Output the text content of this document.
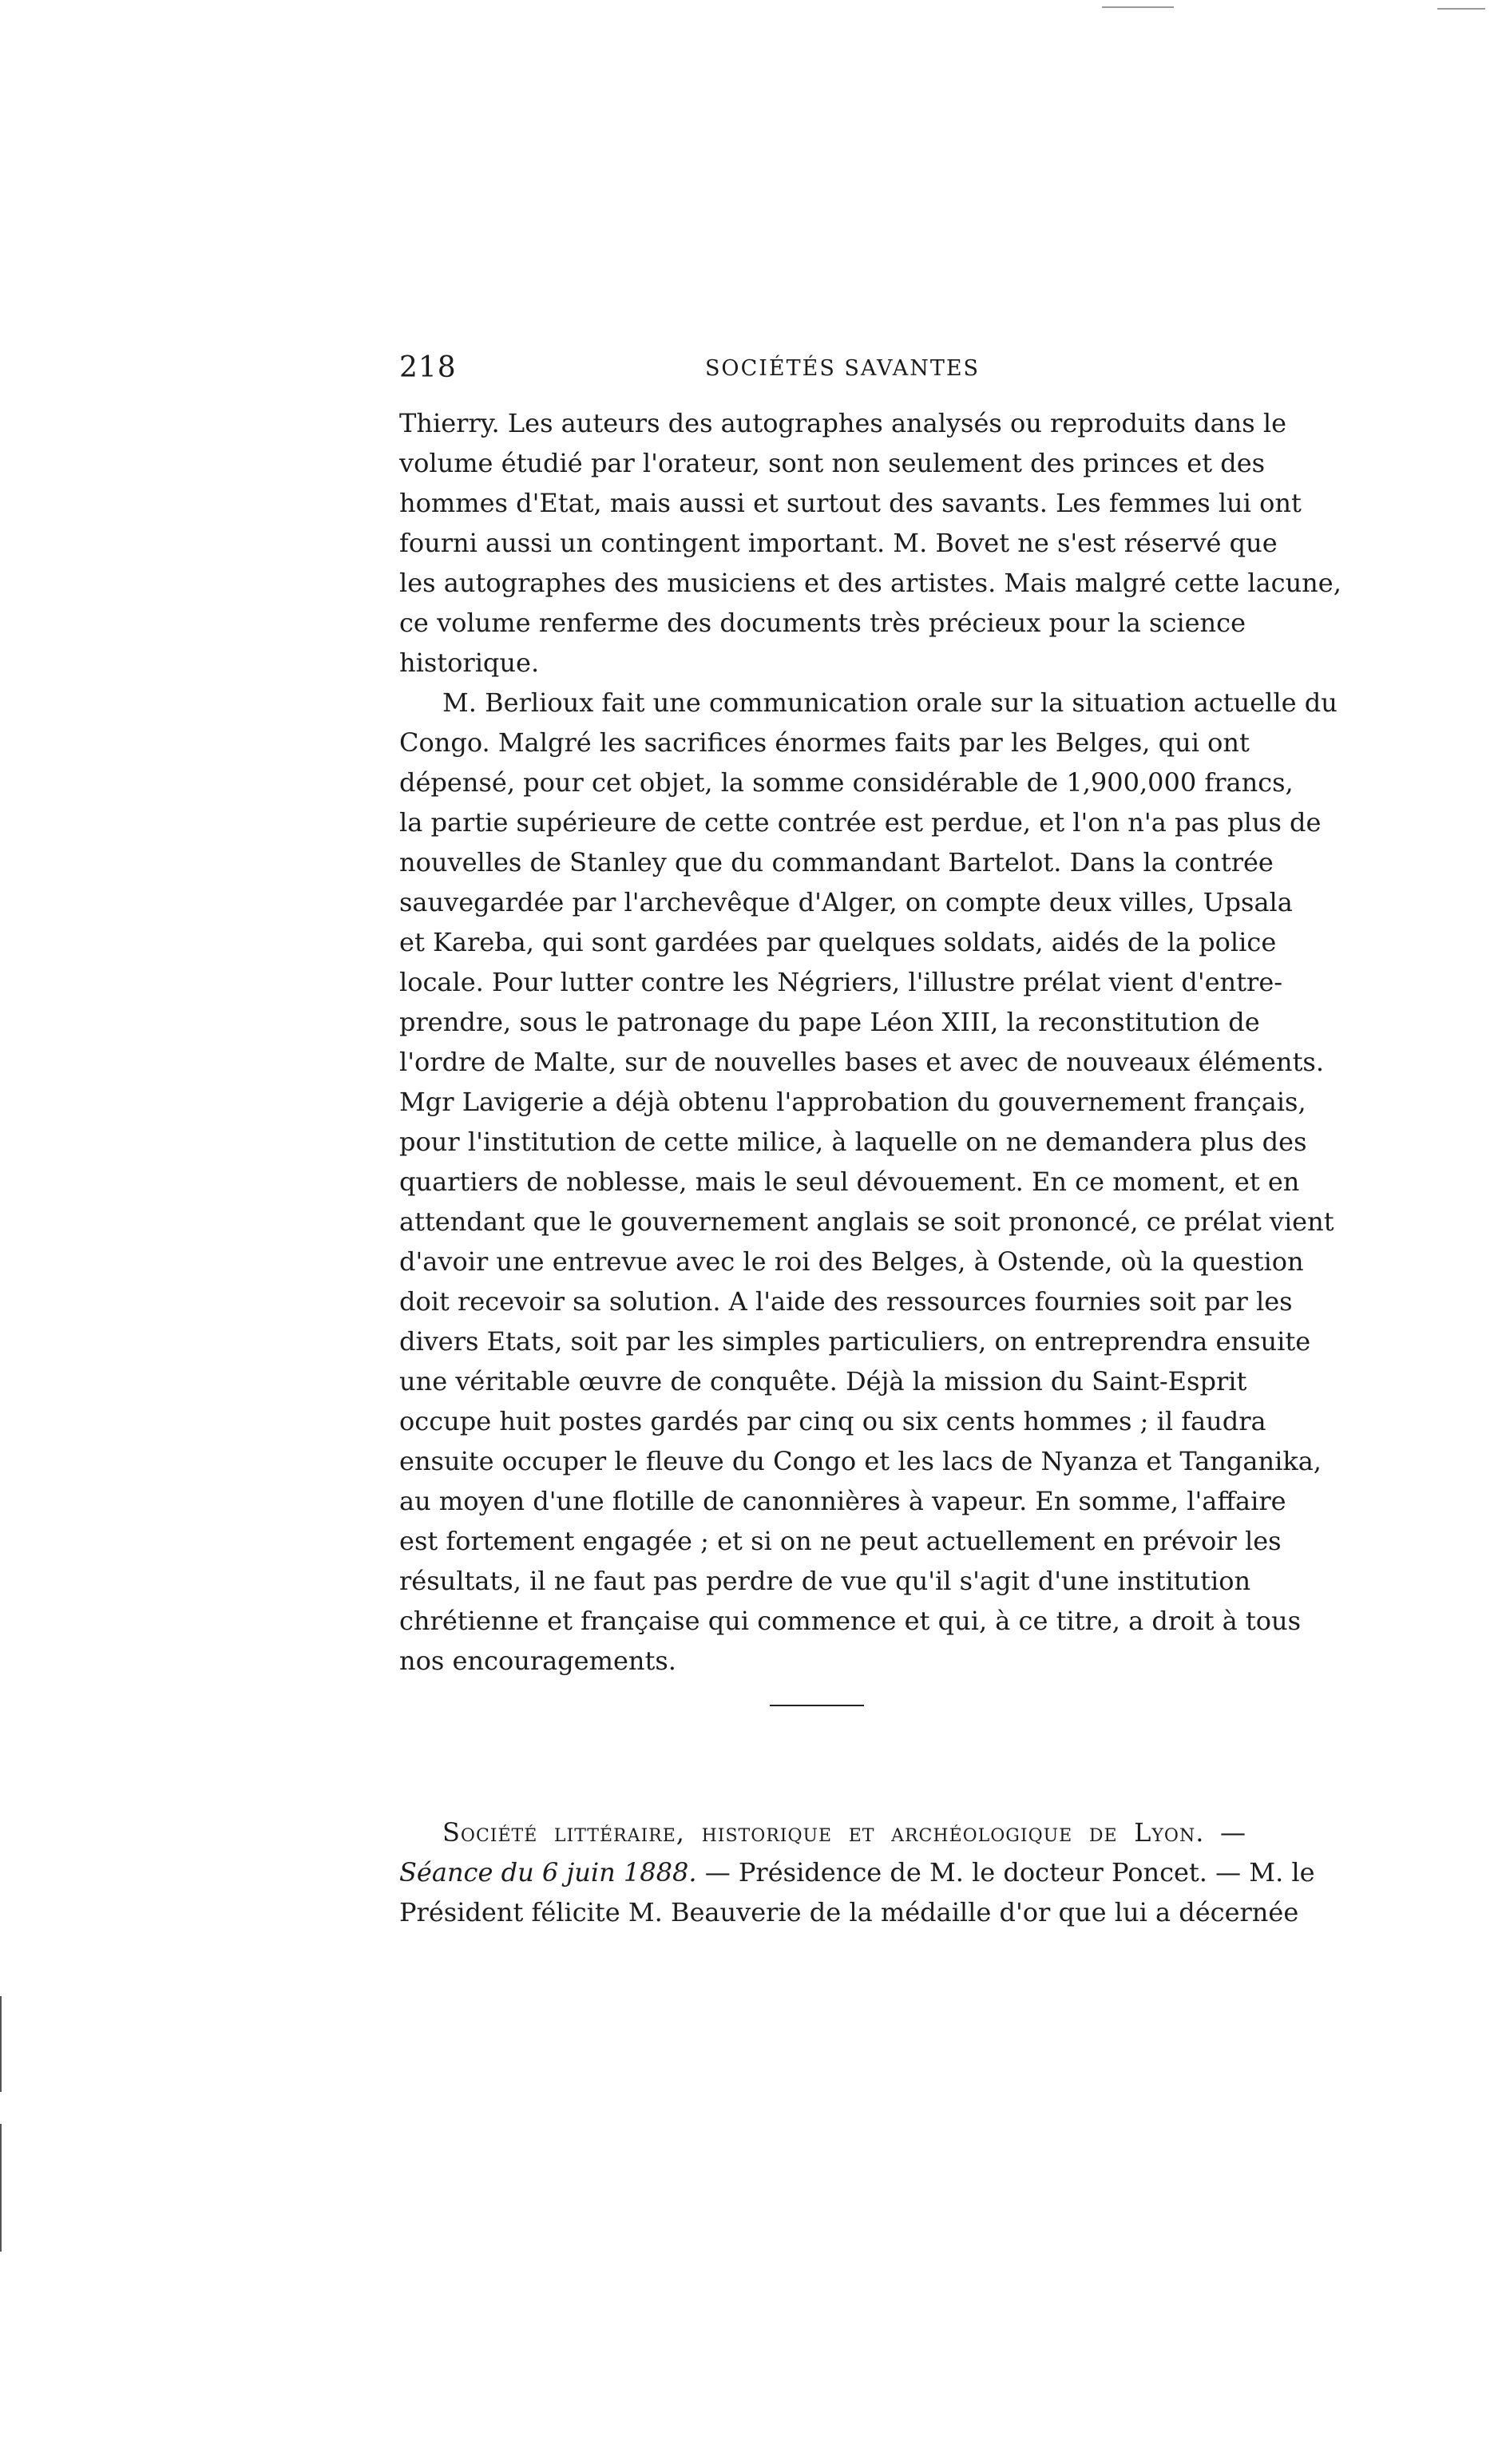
218	SOCIÉTÉS SAVANTES
Thierry. Les auteurs des autographes analysés ou reproduits dans le
volume étudié par l'orateur, sont non seulement des princes et des
hommes d'Etat, mais aussi et surtout des savants. Les femmes lui ont
fourni aussi un contingent important. M. Bovet ne s'est réservé que
les autographes des musiciens et des artistes. Mais malgré cette lacune,
ce volume renferme des documents très précieux pour la science
historique.
M. Berlioux fait une communication orale sur la situation actuelle du
Congo. Malgré les sacrifices énormes faits par les Belges, qui ont
dépensé, pour cet objet, la somme considérable de 1,900,000 francs,
la partie supérieure de cette contrée est perdue, et l'on n'a pas plus de
nouvelles de Stanley que du commandant Bartelot. Dans la contrée
sauvegardée par l'archevêque d'Alger, on compte deux villes, Upsala
et Kareba, qui sont gardées par quelques soldats, aidés de la police
locale. Pour lutter contre les Négriers, l'illustre prélat vient d'entre-
prendre, sous le patronage du pape Léon XIII, la reconstitution de
l'ordre de Malte, sur de nouvelles bases et avec de nouveaux éléments.
Mgr Lavigerie a déjà obtenu l'approbation du gouvernement français,
pour l'institution de cette milice, à laquelle on ne demandera plus des
quartiers de noblesse, mais le seul dévouement. En ce moment, et en
attendant que le gouvernement anglais se soit prononcé, ce prélat vient
d'avoir une entrevue avec le roi des Belges, à Ostende, où la question
doit recevoir sa solution. A l'aide des ressources fournies soit par les
divers Etats, soit par les simples particuliers, on entreprendra ensuite
une véritable œuvre de conquête. Déjà la mission du Saint-Esprit
occupe huit postes gardés par cinq ou six cents hommes ; il faudra
ensuite occuper le fleuve du Congo et les lacs de Nyanza et Tanganika,
au moyen d'une flotille de canonnières à vapeur. En somme, l'affaire
est fortement engagée ; et si on ne peut actuellement en prévoir les
résultats, il ne faut pas perdre de vue qu'il s'agit d'une institution
chrétienne et française qui commence et qui, à ce titre, a droit à tous
nos encouragements.
Société littéraire, historique et archéologique de Lyon. —
Séance du 6 juin 1888. — Présidence de M. le docteur Poncet. — M. le
Président félicite M. Beauverie de la médaille d'or que lui a décernée
